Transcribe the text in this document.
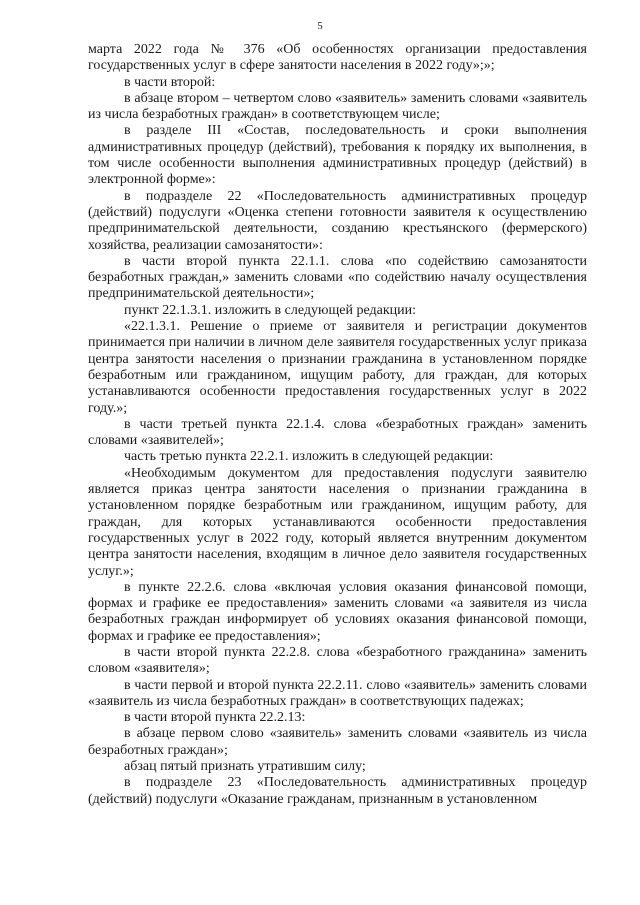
5

марта 2022 года № 376 «Об особенностях организации предоставления государственных услуг в сфере занятости населения в 2022 году»;»;

в части второй:

в абзаце втором – четвертом слово «заявитель» заменить словами «заявитель из числа безработных граждан» в соответствующем числе;

в разделе III «Состав, последовательность и сроки выполнения административных процедур (действий), требования к порядку их выполнения, в том числе особенности выполнения административных процедур (действий) в электронной форме»:

в подразделе 22 «Последовательность административных процедур (действий) подуслуги «Оценка степени готовности заявителя к осуществлению предпринимательской деятельности, созданию крестьянского (фермерского) хозяйства, реализации самозанятости»:

в части второй пункта 22.1.1. слова «по содействию самозанятости безработных граждан,» заменить словами «по содействию началу осуществления предпринимательской деятельности»;

пункт 22.1.3.1. изложить в следующей редакции:

«22.1.3.1. Решение о приеме от заявителя и регистрации документов принимается при наличии в личном деле заявителя государственных услуг приказа центра занятости населения о признании гражданина в установленном порядке безработным или гражданином, ищущим работу, для граждан, для которых устанавливаются особенности предоставления государственных услуг в 2022 году.»;

в части третьей пункта 22.1.4. слова «безработных граждан» заменить словами «заявителей»;

часть третью пункта 22.2.1. изложить в следующей редакции:

«Необходимым документом для предоставления подуслуги заявителю является приказ центра занятости населения о признании гражданина в установленном порядке безработным или гражданином, ищущим работу, для граждан, для которых устанавливаются особенности предоставления государственных услуг в 2022 году, который является внутренним документом центра занятости населения, входящим в личное дело заявителя государственных услуг.»;

в пункте 22.2.6. слова «включая условия оказания финансовой помощи, формах и графике ее предоставления» заменить словами «а заявителя из числа безработных граждан информирует об условиях оказания финансовой помощи, формах и графике ее предоставления»;

в части второй пункта 22.2.8. слова «безработного гражданина» заменить словом «заявителя»;

в части первой и второй пункта 22.2.11. слово «заявитель» заменить словами «заявитель из числа безработных граждан» в соответствующих падежах;

в части второй пункта 22.2.13:

в абзаце первом слово «заявитель» заменить словами «заявитель из числа безработных граждан»;

абзац пятый признать утратившим силу;

в подразделе 23 «Последовательность административных процедур (действий) подуслуги «Оказание гражданам, признанным в установленном
